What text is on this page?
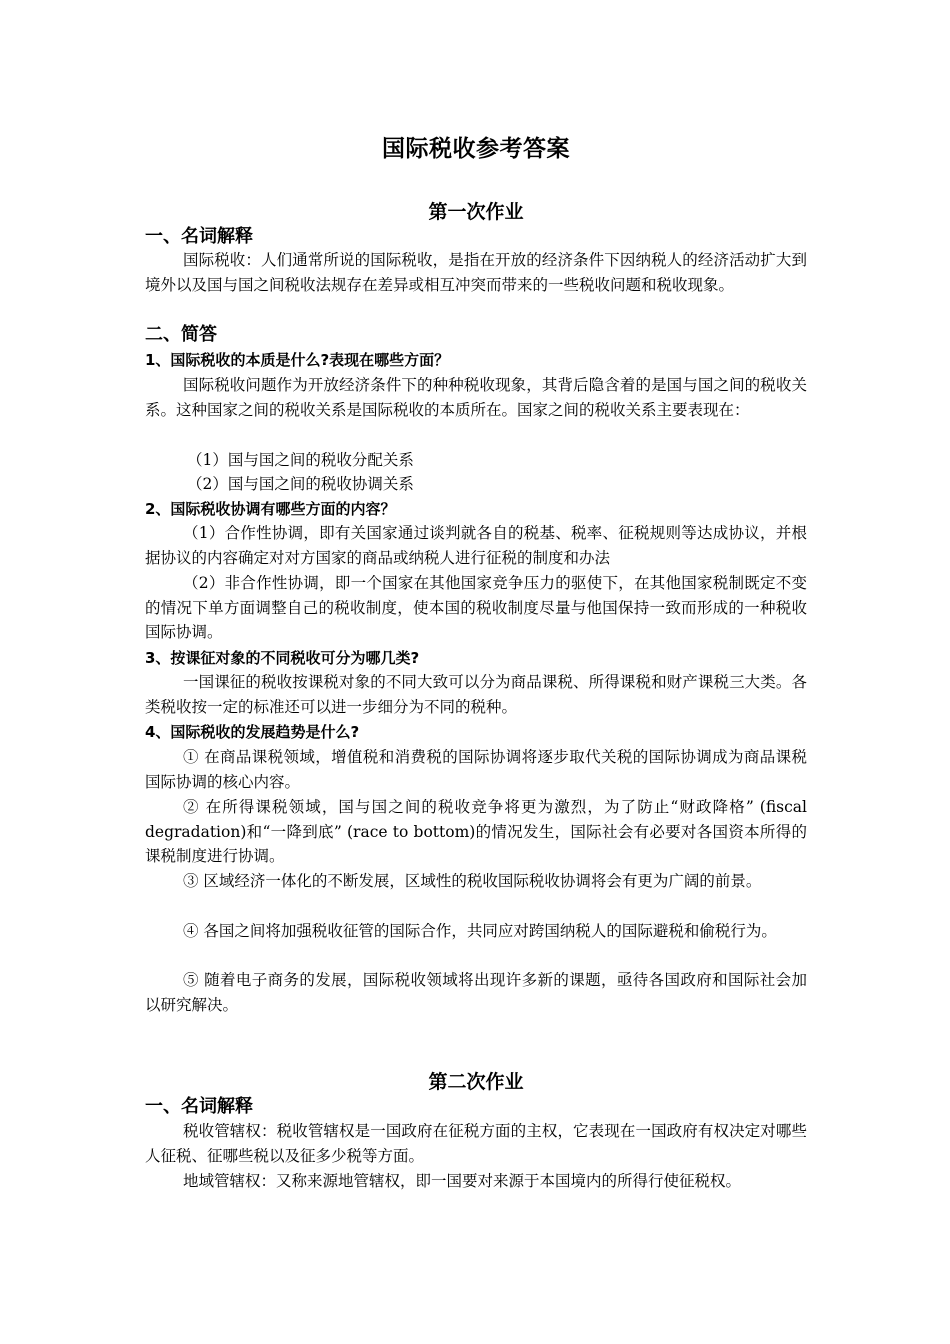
国际税收参考答案
第一次作业
一、名词解释
国际税收：人们通常所说的国际税收，是指在开放的经济条件下因纳税人的经济活动扩大到境外以及国与国之间税收法规存在差异或相互冲突而带来的一些税收问题和税收现象。
二、简答
1、国际税收的本质是什么?表现在哪些方面？
国际税收问题作为开放经济条件下的种种税收现象，其背后隐含着的是国与国之间的税收关系。这种国家之间的税收关系是国际税收的本质所在。国家之间的税收关系主要表现在：
（1）国与国之间的税收分配关系
（2）国与国之间的税收协调关系
2、国际税收协调有哪些方面的内容？
（1）合作性协调，即有关国家通过谈判就各自的税基、税率、征税规则等达成协议，并根据协议的内容确定对对方国家的商品或纳税人进行征税的制度和办法
（2）非合作性协调，即一个国家在其他国家竞争压力的驱使下，在其他国家税制既定不变的情况下单方面调整自己的税收制度，使本国的税收制度尽量与他国保持一致而形成的一种税收国际协调。
3、按课征对象的不同税收可分为哪几类?
一国课征的税收按课税对象的不同大致可以分为商品课税、所得课税和财产课税三大类。各类税收按一定的标准还可以进一步细分为不同的税种。
4、国际税收的发展趋势是什么?
① 在商品课税领域，增值税和消费税的国际协调将逐步取代关税的国际协调成为商品课税国际协调的核心内容。
② 在所得课税领域，国与国之间的税收竞争将更为激烈，为了防止“财政降格” (fiscal degradation)和“一降到底” (race to bottom)的情况发生，国际社会有必要对各国资本所得的课税制度进行协调。
③ 区域经济一体化的不断发展，区域性的税收国际税收协调将会有更为广阔的前景。
④ 各国之间将加强税收征管的国际合作，共同应对跨国纳税人的国际避税和偷税行为。
⑤ 随着电子商务的发展，国际税收领域将出现许多新的课题，亟待各国政府和国际社会加以研究解决。
第二次作业
一、名词解释
税收管辖权：税收管辖权是一国政府在征税方面的主权，它表现在一国政府有权决定对哪些人征税、征哪些税以及征多少税等方面。
地域管辖权：又称来源地管辖权，即一国要对来源于本国境内的所得行使征税权。
